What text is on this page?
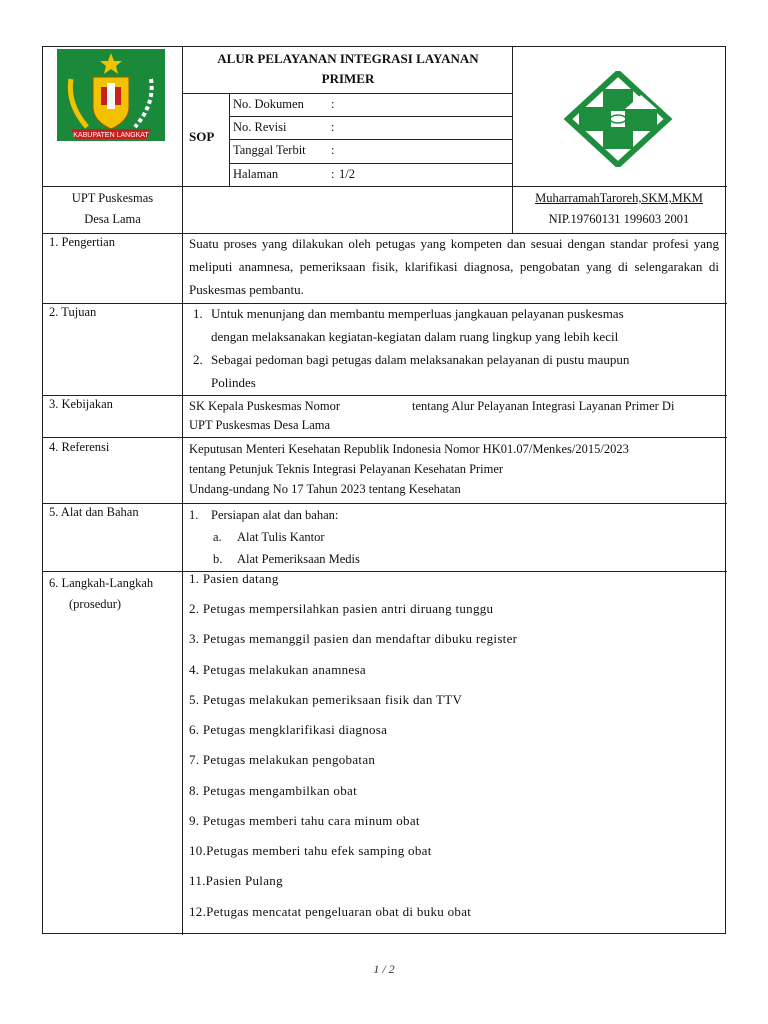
KABUPATEN LANGKAT
ALUR PELAYANAN INTEGRASI LAYANAN
PRIMER
SOP
No. Dokumen :
No. Revisi	:
Tanggal Terbit :
Halaman	: 1/2
UPT Puskesmas
Desa Lama
MuharramahTaroreh,SKM,MKM
NIP.19760131 199603 2001
1. Pengertian	Suatu proses yang dilakukan oleh petugas yang kompeten dan sesuai dengan standar profesi yang meliputi anamnesa, pemeriksaan fisik, klarifikasi diagnosa, pengobatan yang di selengarakan di Puskesmas pembantu.
2. Tujuan	1. Untuk menunjang dan membantu memperluas jangkauan pelayanan puskesmas
dengan melaksanakan kegiatan-kegiatan dalam ruang lingkup yang lebih kecil
2. Sebagai pedoman bagi petugas dalam melaksanakan pelayanan di pustu maupun
Polindes
3. Kebijakan	SK Kepala Puskesmas Nomor	tentang Alur Pelayanan Integrasi Layanan Primer Di
UPT Puskesmas Desa Lama
4. Referensi	Keputusan Menteri Kesehatan Republik Indonesia Nomor HK01.07/Menkes/2015/2023
tentang Petunjuk Teknis Integrasi Pelayanan Kesehatan Primer
Undang-undang No 17 Tahun 2023 tentang Kesehatan
5. Alat dan Bahan	1. Persiapan alat dan bahan:
a. Alat Tulis Kantor
b. Alat Pemeriksaan Medis
6. Langkah-Langkah
(prosedur)
1. Pasien datang
2. Petugas mempersilahkan pasien antri diruang tunggu
3. Petugas memanggil pasien dan mendaftar dibuku register
4. Petugas melakukan anamnesa
5. Petugas melakukan pemeriksaan fisik dan TTV
6. Petugas mengklarifikasi diagnosa
7. Petugas melakukan pengobatan
8. Petugas mengambilkan obat
9. Petugas memberi tahu cara minum obat
10.Petugas memberi tahu efek samping obat
11.Pasien Pulang
12.Petugas mencatat pengeluaran obat di buku obat
1 / 2
